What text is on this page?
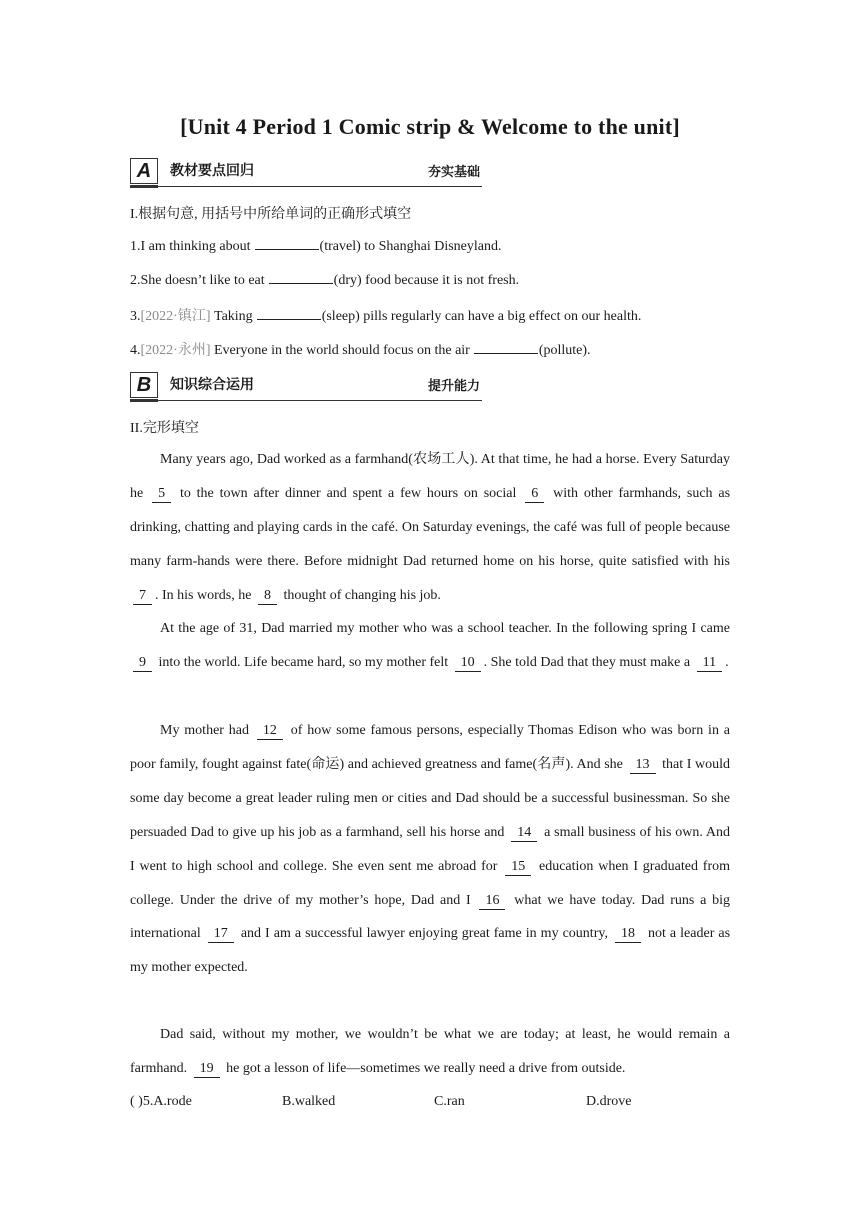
[Unit 4 Period 1 Comic strip & Welcome to the unit]
A	教材要点回归	夯实基础
I.根据句意, 用括号中所给单词的正确形式填空
1.I am thinking about	(travel) to Shanghai Disneyland.
2.She doesn’t like to eat	(dry) food because it is not fresh.
3.[2022·镇江] Taking	(sleep) pills regularly can have a big effect on our health.
4.[2022·永州] Everyone in the world should focus on the air	(pollute).
B	知识综合运用	提升能力
II.完形填空
Many years ago, Dad worked as a farmhand(农场工人). At that time, he had a horse. Every Saturday he 5 to the town after dinner and spent a few hours on social 6 with other farmhands, such as drinking, chatting and playing cards in the café. On Saturday evenings, the café was full of people because many farm-hands were there. Before midnight Dad returned home on his horse, quite satisfied with his 7 . In his words, he 8 thought of changing his job.
At the age of 31, Dad married my mother who was a school teacher. In the following spring I came 9 into the world. Life became hard, so my mother felt 10 . She told Dad that they must make a 11 .
My mother had 12 of how some famous persons, especially Thomas Edison who was born in a poor family, fought against fate(命运) and achieved greatness and fame(名声). And she 13 that I would some day become a great leader ruling men or cities and Dad should be a successful businessman. So she persuaded Dad to give up his job as a farmhand, sell his horse and 14 a small business of his own. And I went to high school and college. She even sent me abroad for 15 education when I graduated from college. Under the drive of my mother’s hope, Dad and I 16 what we have today. Dad runs a big international 17 and I am a successful lawyer enjoying great fame in my country, 18 not a leader as my mother expected.
Dad said, without my mother, we wouldn’t be what we are today; at least, he would remain a farmhand. 19 he got a lesson of life—sometimes we really need a drive from outside.
( )5.A.rode	B.walked	C.ran	D.drove
